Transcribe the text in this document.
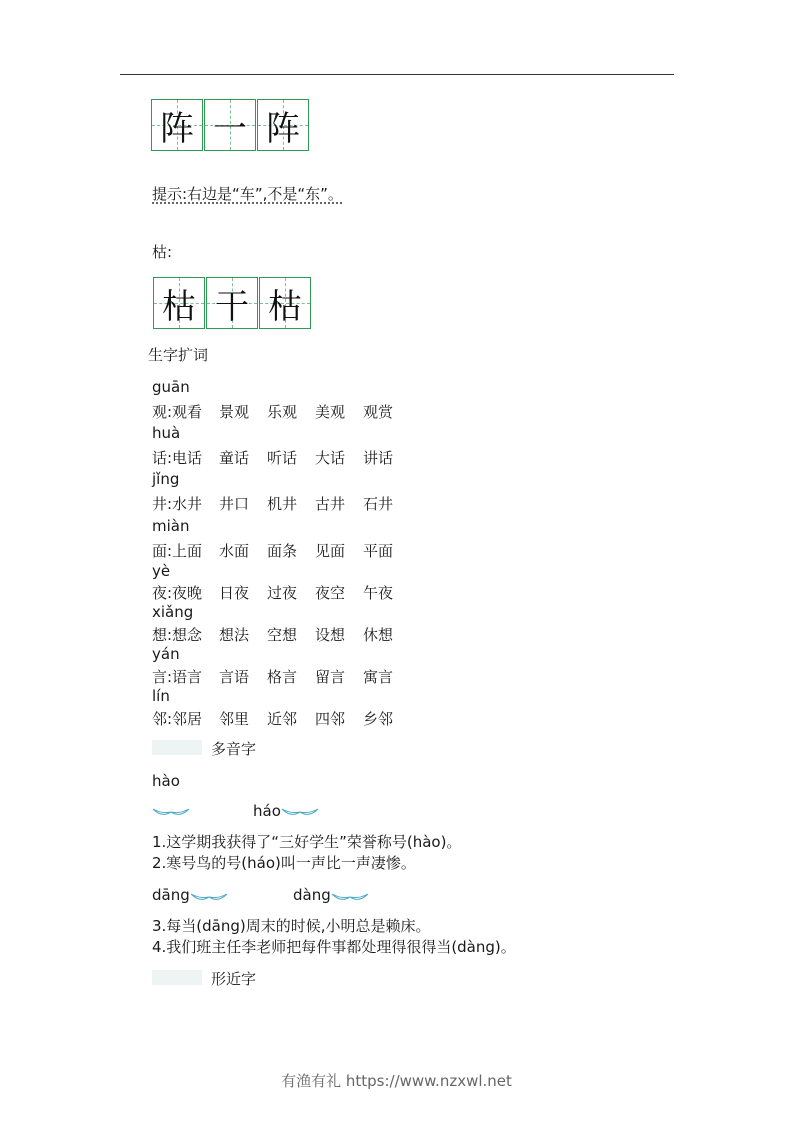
阵 一 阵
提示:右边是“车”,不是“东”。
枯:
枯 干 枯
生字扩词
guān
观:观看	景观	乐观	美观	观赏
huà
话:电话	童话	听话	大话	讲话
jǐng
井:水井	井口	机井	古井	石井
miàn
面:上面	水面	面条	见面	平面
yè
夜:夜晚	日夜	过夜	夜空	午夜
xiǎng
想:想念	想法	空想	设想	休想
yán
言:语言	言语	格言	留言	寓言
lín
邻:邻居	邻里	近邻	四邻	乡邻
多音字
hào
háo
1.这学期我获得了“三好学生”荣誉称号(hào)。
2.寒号鸟的号(háo)叫一声比一声凄惨。
dāng	dàng
3.每当(dāng)周末的时候,小明总是赖床。
4.我们班主任李老师把每件事都处理得很得当(dàng)。
形近字
有渔有礼 https://www.nzxwl.net
